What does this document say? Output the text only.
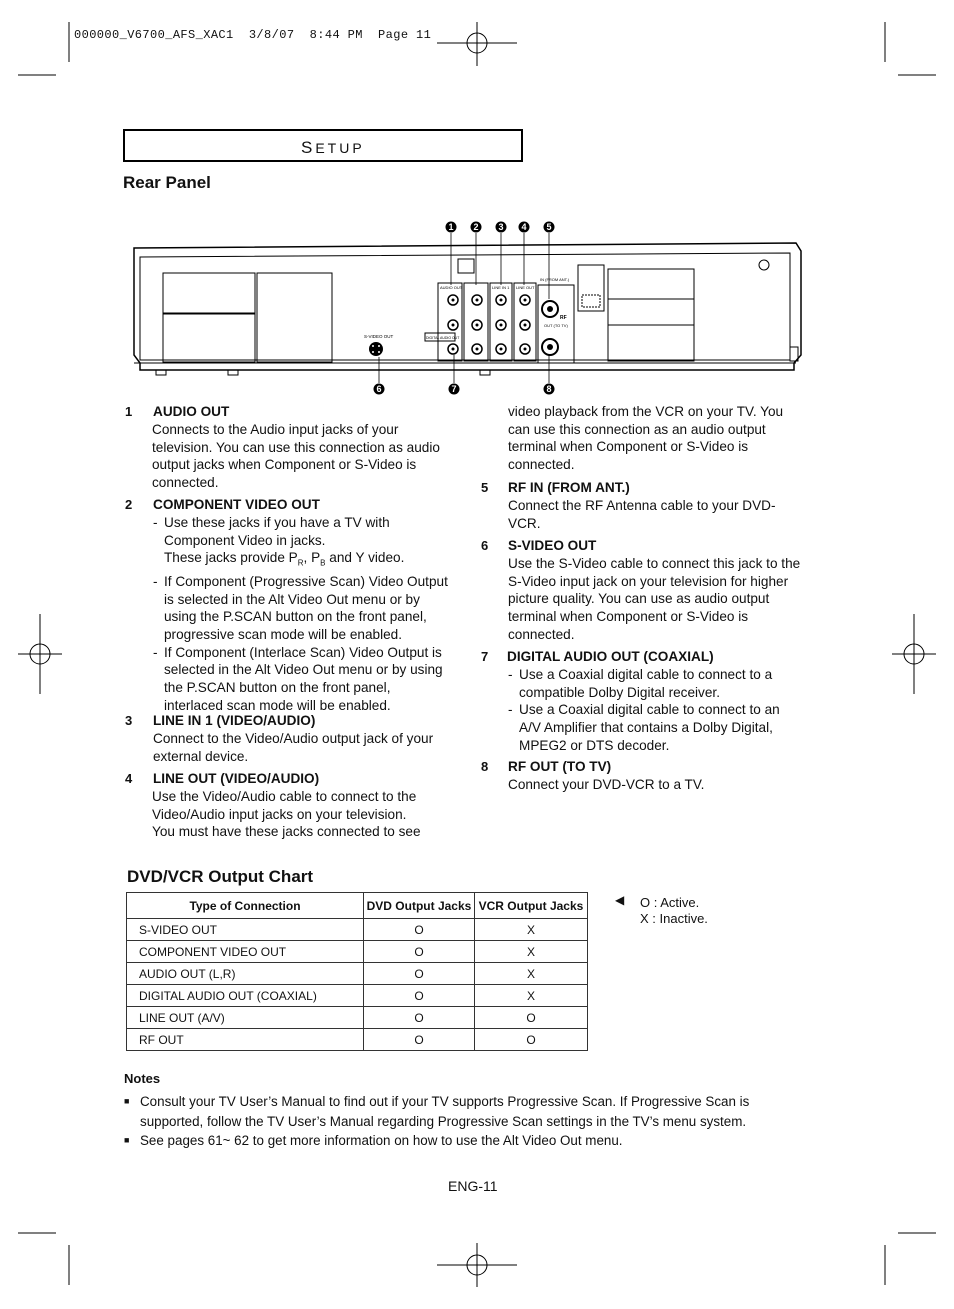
000000_V6700_AFS_XAC1  3/8/07  8:44 PM  Page 11
SETUP
Rear Panel
S-VIDEO OUT	DIGITAL AUDIO OUT
AUDIO OUT	LINE IN 1 LINE OUT
IN (FROM ANT.)
RF
OUT (TO TV)
1 2 3 4 5
6	7	8
1 AUDIO OUT
Connects to the Audio input jacks of your
television. You can use this connection as audio
output jacks when Component or S-Video is
connected.
2 COMPONENT VIDEO OUT
- Use these jacks if you have a TV with
Component Video in jacks.
These jacks provide $P_R$, $P_B$ and Y video.
- If Component (Progressive Scan) Video Output
is selected in the Alt Video Out menu or by
using the P.SCAN button on the front panel,
progressive scan mode will be enabled.
- If Component (Interlace Scan) Video Output is
selected in the Alt Video Out menu or by using
the P.SCAN button on the front panel,
interlaced scan mode will be enabled.
3 LINE IN 1 (VIDEO/AUDIO)
Connect to the Video/Audio output jack of your
external device.
4 LINE OUT (VIDEO/AUDIO)
Use the Video/Audio cable to connect to the
Video/Audio input jacks on your television.
You must have these jacks connected to see
video playback from the VCR on your TV. You
can use this connection as an audio output
terminal when Component or S-Video is
connected.
5 RF IN (FROM ANT.)
Connect the RF Antenna cable to your DVD-
VCR.
6 S-VIDEO OUT
Use the S-Video cable to connect this jack to the
S-Video input jack on your television for higher
picture quality. You can use as audio output
terminal when Component or S-Video is
connected.
7 DIGITAL AUDIO OUT (COAXIAL)
- Use a Coaxial digital cable to connect to a
compatible Dolby Digital receiver.
- Use a Coaxial digital cable to connect to an
A/V Amplifier that contains a Dolby Digital,
MPEG2 or DTS decoder.
8 RF OUT (TO TV)
Connect your DVD-VCR to a TV.
DVD/VCR Output Chart
Type of Connection	DVD Output Jacks	VCR Output Jacks
S-VIDEO OUT	O	X
COMPONENT VIDEO OUT	O	X
AUDIO OUT (L,R)	O	X
DIGITAL AUDIO OUT (COAXIAL)	O	X
LINE OUT (A/V)	O	O
RF OUT	O	O
◀ O : Active.
X : Inactive.
Notes
■ Consult your TV User’s Manual to find out if your TV supports Progressive Scan. If Progressive Scan is supported, follow the TV User’s Manual regarding Progressive Scan settings in the TV’s menu system.
■ See pages 61~ 62 to get more information on how to use the Alt Video Out menu.
ENG-11
